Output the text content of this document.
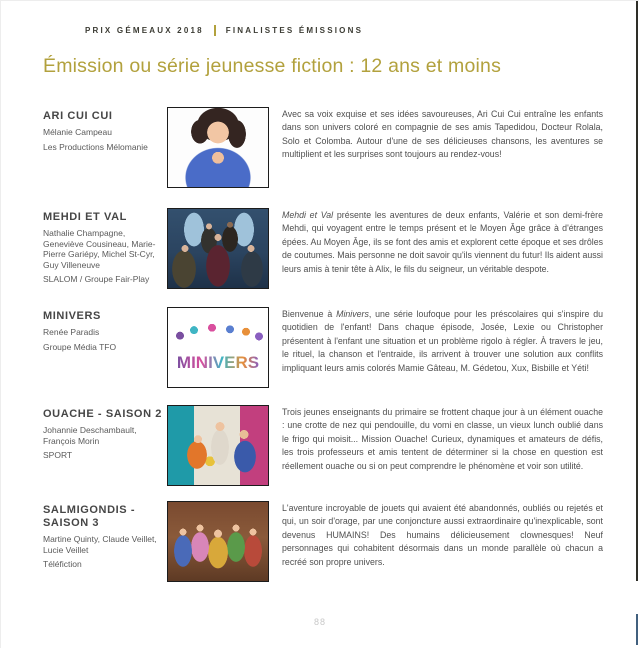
PRIX GÉMEAUX 2018	FINALISTES ÉMISSIONS
Émission ou série jeunesse fiction : 12 ans et moins
ARI CUI CUI

Mélanie Campeau

Les Productions Mélomanie

Avec sa voix exquise et ses idées savoureuses, Ari Cui Cui entraîne les enfants dans son univers coloré en compagnie de ses amis Tapedidou, Docteur Rolala, Solo et Colomba. Autour d'une de ses délicieuses chansons, les aventures se multiplient et les surprises sont toujours au rendez-vous!

MEHDI ET VAL

Nathalie Champagne, Geneviève Cousineau, Marie-Pierre Gariépy, Michel St-Cyr, Guy Villeneuve

SLALOM / Groupe Fair-Play

Mehdi et Val présente les aventures de deux enfants, Valérie et son demi-frère Mehdi, qui voyagent entre le temps présent et le Moyen Âge grâce à d'étranges épées. Au Moyen Âge, ils se font des amis et explorent cette époque et ses drôles de coutumes. Mais personne ne doit savoir qu'ils viennent du futur! Ils aident aussi leurs amis à tenir tête à Alix, le fils du seigneur, un véritable despote.

MINIVERS

Renée Paradis

Groupe Média TFO

MINIVERS

Bienvenue à Minivers, une série loufoque pour les préscolaires qui s'inspire du quotidien de l'enfant! Dans chaque épisode, Josée, Lexie ou Christopher présentent à l'enfant une situation et un problème rigolo à régler. À travers le jeu, le rituel, la chanson et l'entraide, ils arrivent à trouver une solution aux conflits impliquant leurs amis colorés Mamie Gâteau, M. Gédetou, Xux, Bisbille et Yéti!

OUACHE - SAISON 2

Johannie Deschambault, François Morin

SPORT

Trois jeunes enseignants du primaire se frottent chaque jour à un élément ouache : une crotte de nez qui pendouille, du vomi en classe, un vieux lunch oublié dans le frigo qui moisit... Mission Ouache! Curieux, dynamiques et amateurs de défis, les trois professeurs et amis tentent de déterminer si la chose en question est réellement ouache ou si on peut comprendre le phénomène et voir son utilité.

SALMIGONDIS - SAISON 3

Martine Quinty, Claude Veillet, Lucie Veillet

Téléfiction

L'aventure incroyable de jouets qui avaient été abandonnés, oubliés ou rejetés et qui, un soir d'orage, par une conjoncture aussi extraordinaire qu'inexplicable, sont devenus HUMAINS! Des humains délicieusement clownesques! Neuf personnages qui cohabitent désormais dans un monde parallèle où chacun a recréé son propre univers.

88
